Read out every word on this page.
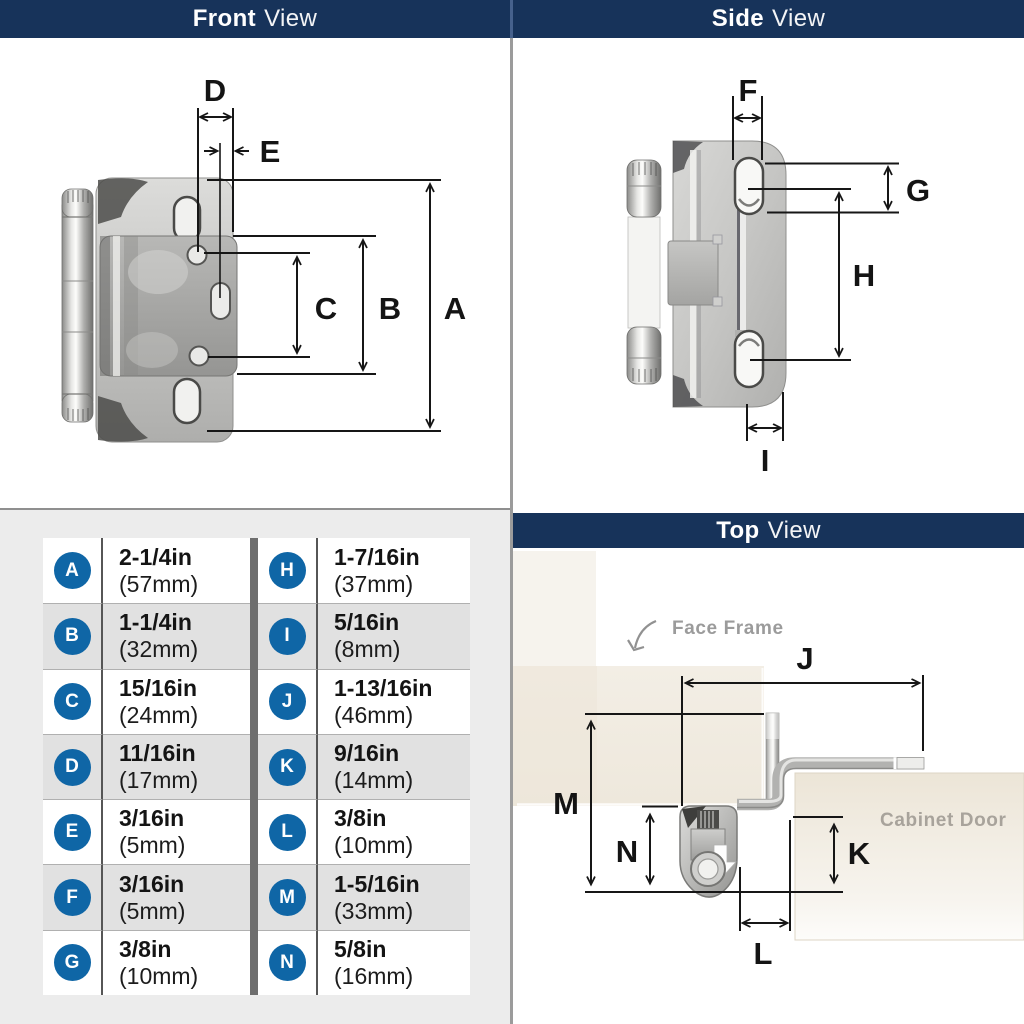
Front View	Side View
Top View
D
E
C B A
F
G
H
I
A
2-1/4in
(57mm)
B
1-1/4in
(32mm)
C
15/16in
(24mm)
D
11/16in
(17mm)
E
3/16in
(5mm)
F
3/16in
(5mm)
G
3/8in
(10mm)
H
1-7/16in
(37mm)
I
5/16in
(8mm)
J
1-13/16in
(46mm)
K
9/16in
(14mm)
L
3/8in
(10mm)
M
1-5/16in
(33mm)
N
5/8in
(16mm)
Face Frame
Cabinet Door
J
M
N	K
L
